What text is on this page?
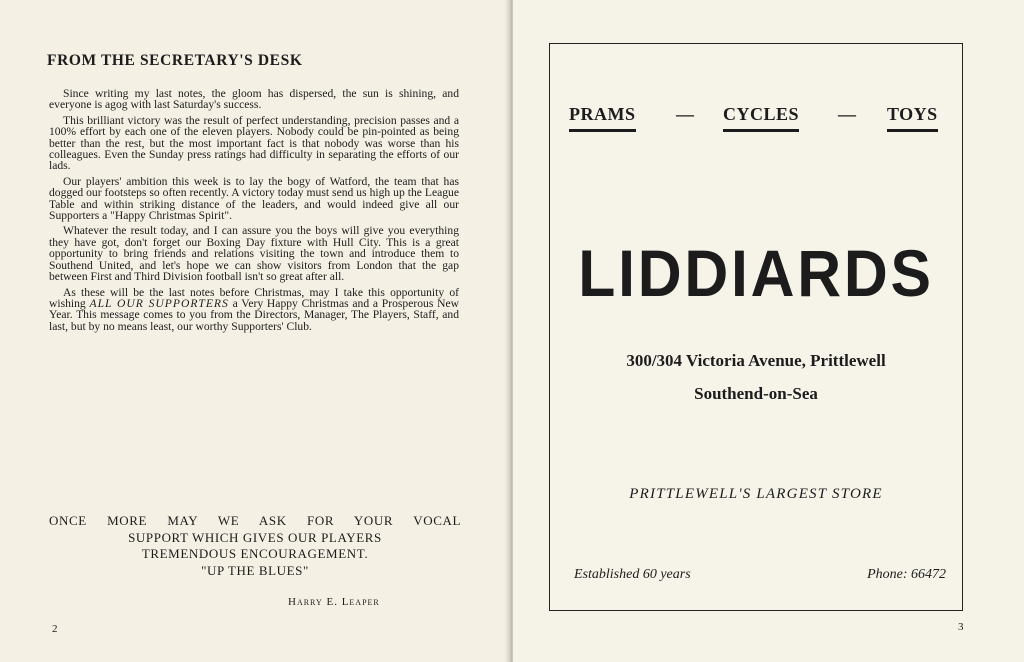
FROM THE SECRETARY'S DESK

Since writing my last notes, the gloom has dispersed, the sun is shining, and everyone is agog with last Saturday's success.

This brilliant victory was the result of perfect understanding, precision passes and a 100% effort by each one of the eleven players. Nobody could be pin-pointed as being better than the rest, but the most important fact is that nobody was worse than his colleagues. Even the Sunday press ratings had difficulty in separating the efforts of our lads.

Our players' ambition this week is to lay the bogy of Watford, the team that has dogged our footsteps so often recently. A victory today must send us high up the League Table and within striking distance of the leaders, and would indeed give all our Supporters a "Happy Christmas Spirit".

Whatever the result today, and I can assure you the boys will give you everything they have got, don't forget our Boxing Day fixture with Hull City. This is a great opportunity to bring friends and relations visiting the town and introduce them to Southend United, and let's hope we can show visitors from London that the gap between First and Third Division football isn't so great after all.

As these will be the last notes before Christmas, may I take this opportunity of wishing ALL OUR SUPPORTERS a Very Happy Christmas and a Prosperous New Year. This message comes to you from the Directors, Manager, The Players, Staff, and last, but by no means least, our worthy Supporters' Club.

ONCE MORE MAY WE ASK FOR YOUR VOCAL
SUPPORT WHICH GIVES OUR PLAYERS
TREMENDOUS ENCOURAGEMENT.
"UP THE BLUES"
Harry E. Leaper
2	3
PRAMS — CYCLES — TOYS
LIDDIARDS
300/304 Victoria Avenue, Prittlewell
Southend-on-Sea
PRITTLEWELL'S LARGEST STORE
Established 60 years	Phone: 66472
